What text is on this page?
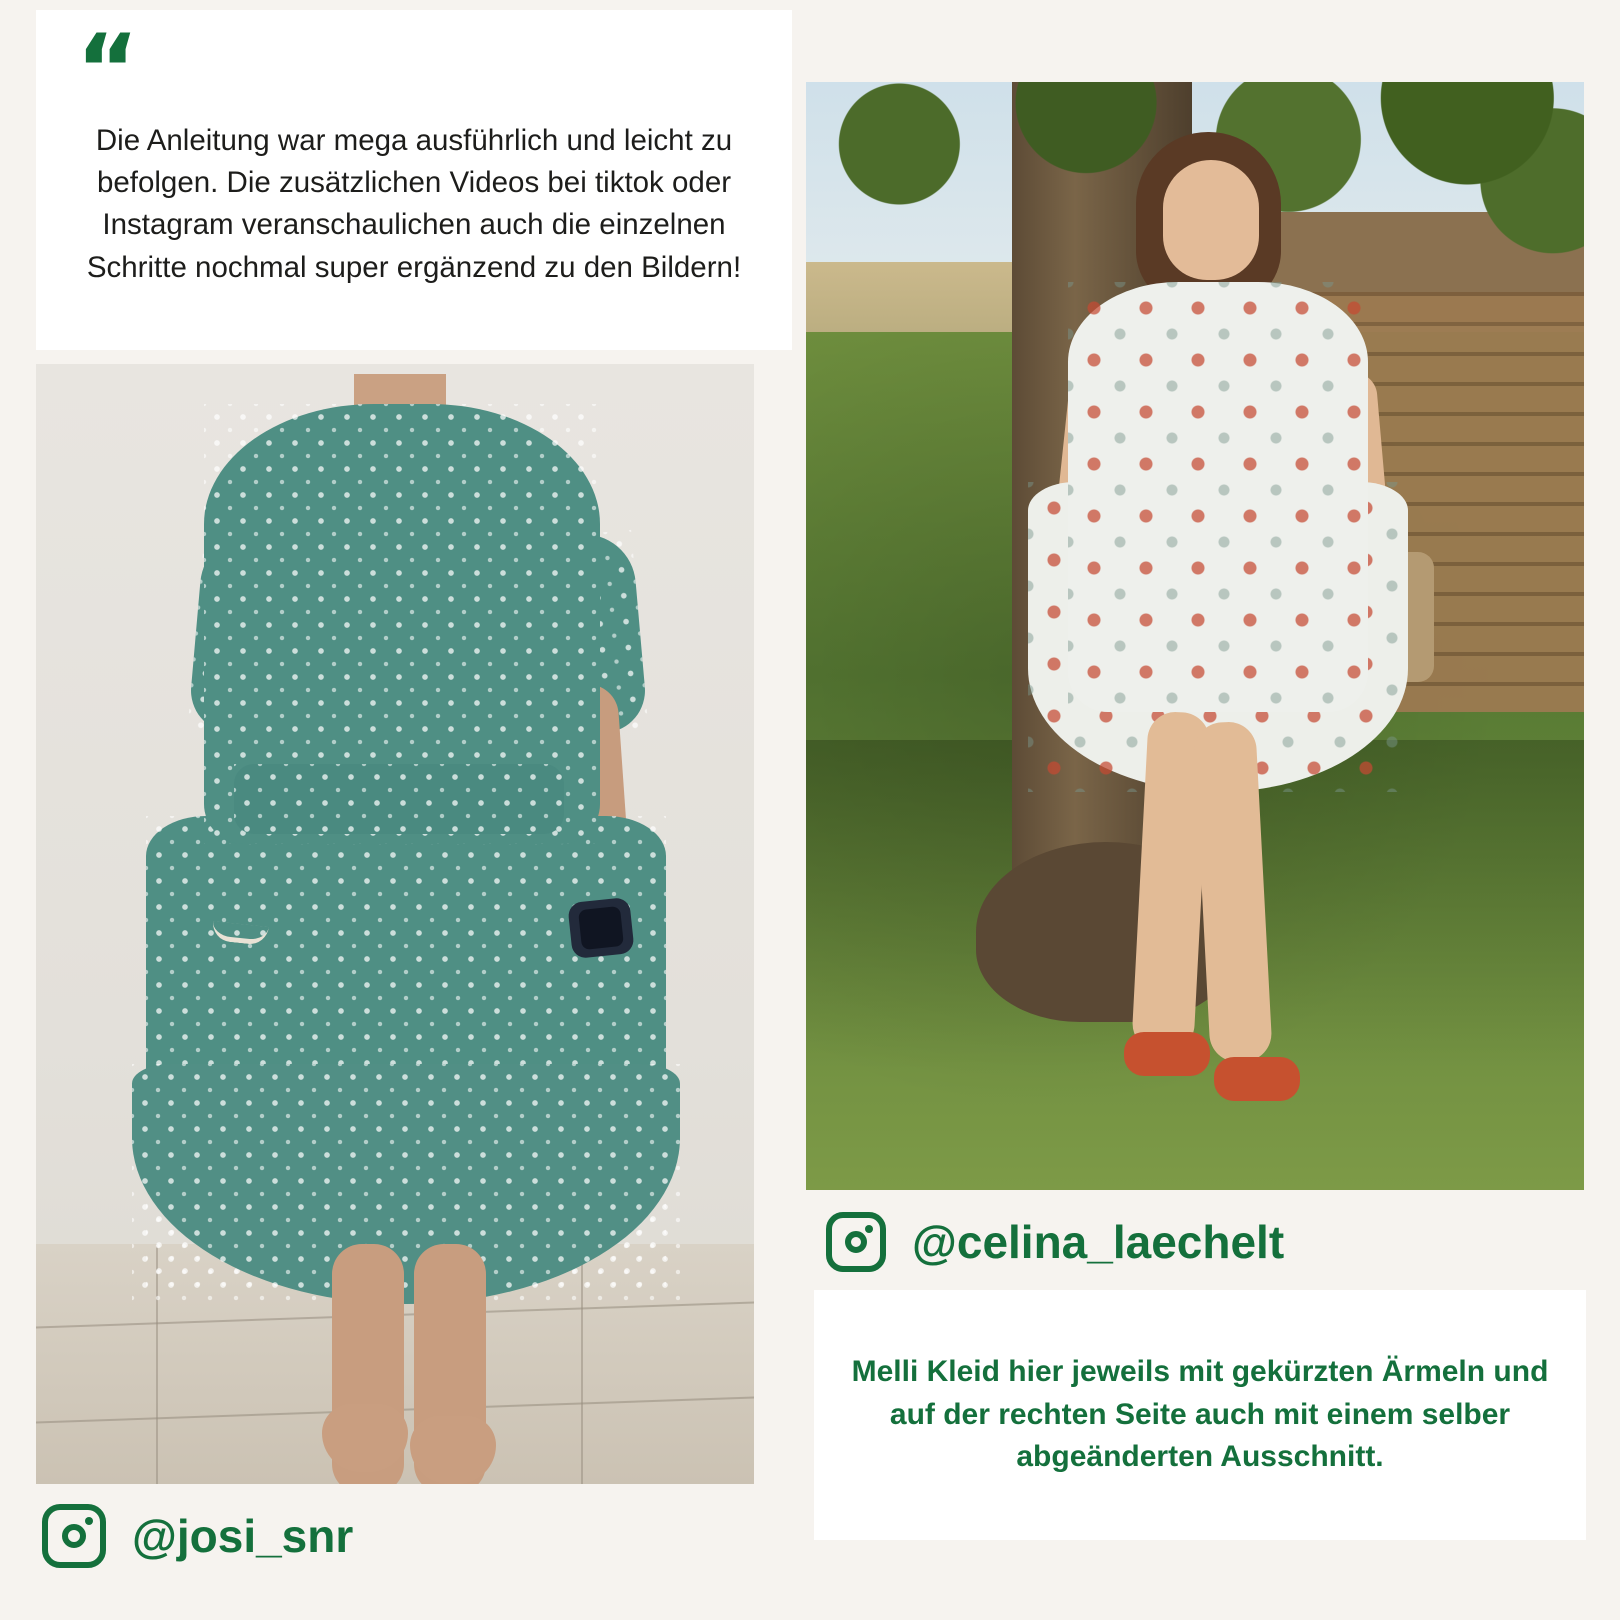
“

Die Anleitung war mega ausführlich und leicht zu befolgen. Die zusätzlichen Videos bei tiktok oder Instagram veranschaulichen auch die einzelnen Schritte nochmal super ergänzend zu den Bildern!

@celina_laechelt

Melli Kleid hier jeweils mit gekürzten Ärmeln und auf der rechten Seite auch mit einem selber abgeänderten Ausschnitt.

@josi_snr
